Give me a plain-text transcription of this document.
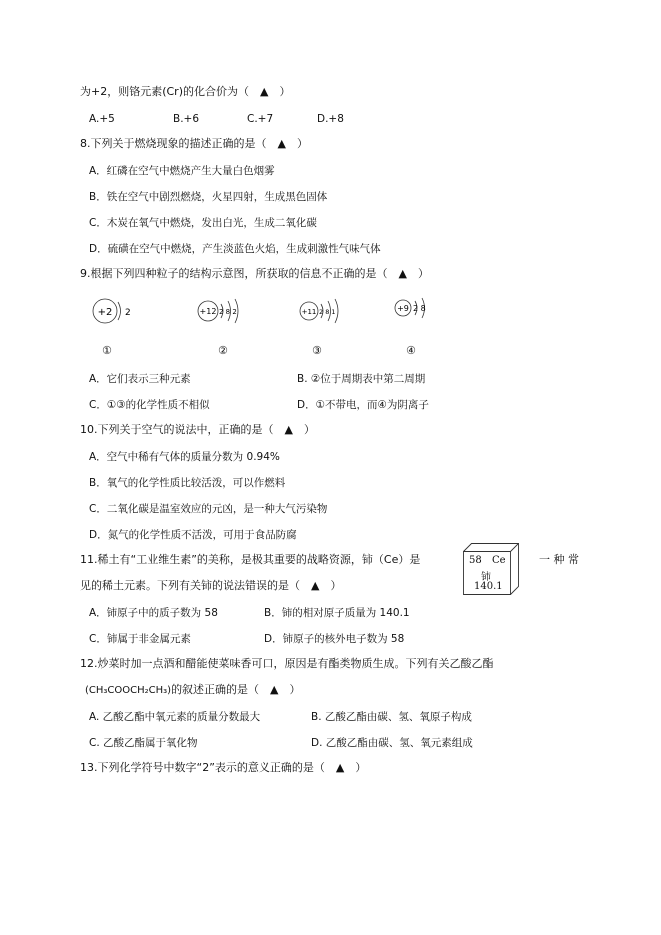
为+2，则铬元素(Cr)的化合价为（　▲　）
A.+5	B.+6	C.+7	D.+8
8.下列关于燃烧现象的描述正确的是（　▲　）
A．红磷在空气中燃烧产生大量白色烟雾
B．铁在空气中剧烈燃烧，火星四射，生成黑色固体
C．木炭在氧气中燃烧，发出白光，生成二氧化碳
D．硫磺在空气中燃烧，产生淡蓝色火焰，生成刺激性气味气体
9.根据下列四种粒子的结构示意图，所获取的信息不正确的是（　▲　）
+2 2	+12 2 8 2	+11 2 8 1	+9 2 8
①	②	③	④
A．它们表示三种元素	B. ②位于周期表中第二周期
C．①③的化学性质不相似	D．①不带电，而④为阴离子
10.下列关于空气的说法中，正确的是（　▲　）
A．空气中稀有气体的质量分数为 0.94%
B．氧气的化学性质比较活泼，可以作燃料
C．二氧化碳是温室效应的元凶，是一种大气污染物
D．氮气的化学性质不活泼，可用于食品防腐
11.稀土有“工业维生素”的美称，是极其重要的战略资源，铈（Ce）是	一 种 常
见的稀土元素。下列有关铈的说法错误的是（　▲　）
58 Ce
铈
140.1
A．铈原子中的质子数为 58	B．铈的相对原子质量为 140.1
C．铈属于非金属元素	D．铈原子的核外电子数为 58
12.炒菜时加一点酒和醋能使菜味香可口，原因是有酯类物质生成。下列有关乙酸乙酯
(CH₃COOCH₂CH₃)的叙述正确的是（　▲　）
A. 乙酸乙酯中氧元素的质量分数最大	B. 乙酸乙酯由碳、氢、氧原子构成
C. 乙酸乙酯属于氧化物	D. 乙酸乙酯由碳、氢、氧元素组成
13.下列化学符号中数字“2”表示的意义正确的是（　▲　）
